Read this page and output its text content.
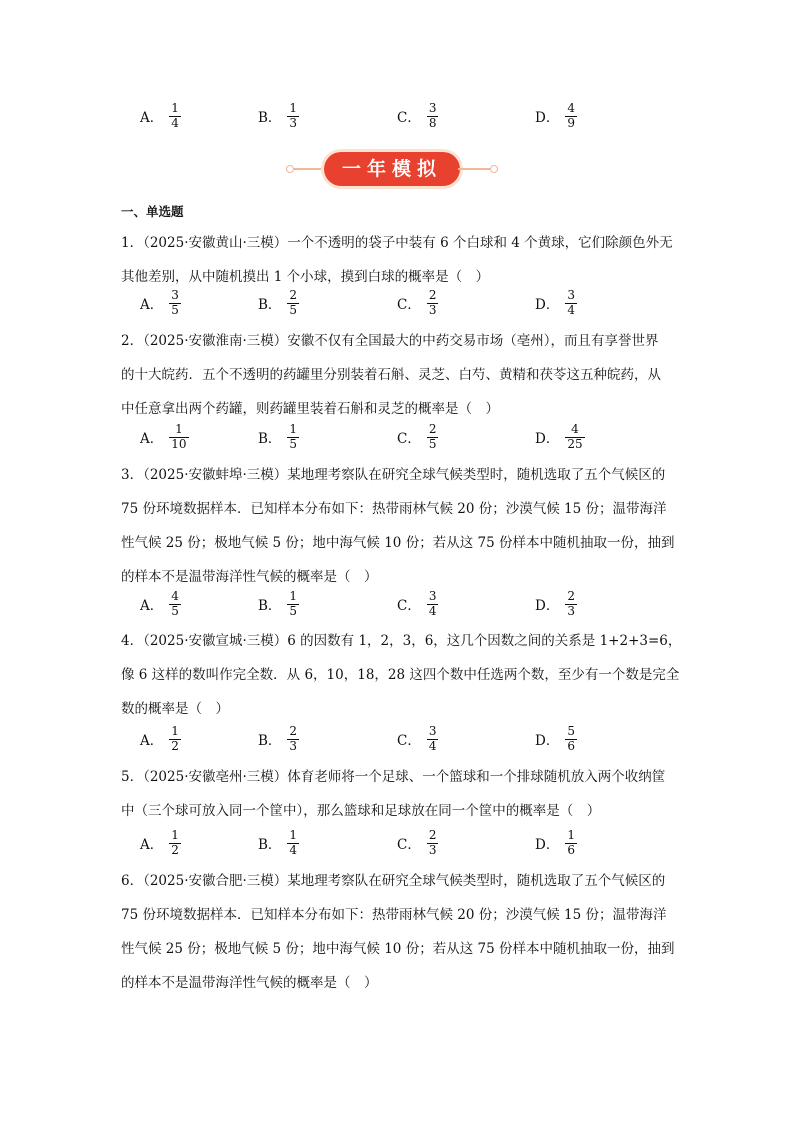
A． $\frac{1}{4}$	B． $\frac{1}{3}$	C． $\frac{3}{8}$	D． $\frac{4}{9}$
一年模拟
一、单选题
1．（2025·安徽黄山·三模）一个不透明的袋子中装有 6 个白球和 4 个黄球，它们除颜色外无
其他差别，从中随机摸出 1 个小球，摸到白球的概率是（　）
A． $\frac{3}{5}$	B． $\frac{2}{5}$	C． $\frac{2}{3}$	D． $\frac{3}{4}$
2．（2025·安徽淮南·三模）安徽不仅有全国最大的中药交易市场（亳州），而且有享誉世界
的十大皖药．五个不透明的药罐里分别装着石斛、灵芝、白芍、黄精和茯苓这五种皖药，从
中任意拿出两个药罐，则药罐里装着石斛和灵芝的概率是（　）
A． $\frac{1}{10}$	B． $\frac{1}{5}$	C． $\frac{2}{5}$	D． $\frac{4}{25}$
3．（2025·安徽蚌埠·三模）某地理考察队在研究全球气候类型时，随机选取了五个气候区的
75 份环境数据样本．已知样本分布如下：热带雨林气候 20 份；沙漠气候 15 份；温带海洋
性气候 25 份；极地气候 5 份；地中海气候 10 份；若从这 75 份样本中随机抽取一份，抽到
的样本不是温带海洋性气候的概率是（　）
A． $\frac{4}{5}$	B． $\frac{1}{5}$	C． $\frac{3}{4}$	D． $\frac{2}{3}$
4．（2025·安徽宣城·三模）6 的因数有 1，2，3，6，这几个因数之间的关系是 1+2+3=6，
像 6 这样的数叫作完全数．从 6，10，18，28 这四个数中任选两个数，至少有一个数是完全
数的概率是（　）
A． $\frac{1}{2}$	B． $\frac{2}{3}$	C． $\frac{3}{4}$	D． $\frac{5}{6}$
5．（2025·安徽亳州·三模）体育老师将一个足球、一个篮球和一个排球随机放入两个收纳筐
中（三个球可放入同一个筐中），那么篮球和足球放在同一个筐中的概率是（　）
A． $\frac{1}{2}$	B． $\frac{1}{4}$	C． $\frac{2}{3}$	D． $\frac{1}{6}$
6．（2025·安徽合肥·三模）某地理考察队在研究全球气候类型时，随机选取了五个气候区的
75 份环境数据样本．已知样本分布如下：热带雨林气候 20 份；沙漠气候 15 份；温带海洋
性气候 25 份；极地气候 5 份；地中海气候 10 份；若从这 75 份样本中随机抽取一份，抽到
的样本不是温带海洋性气候的概率是（　）
